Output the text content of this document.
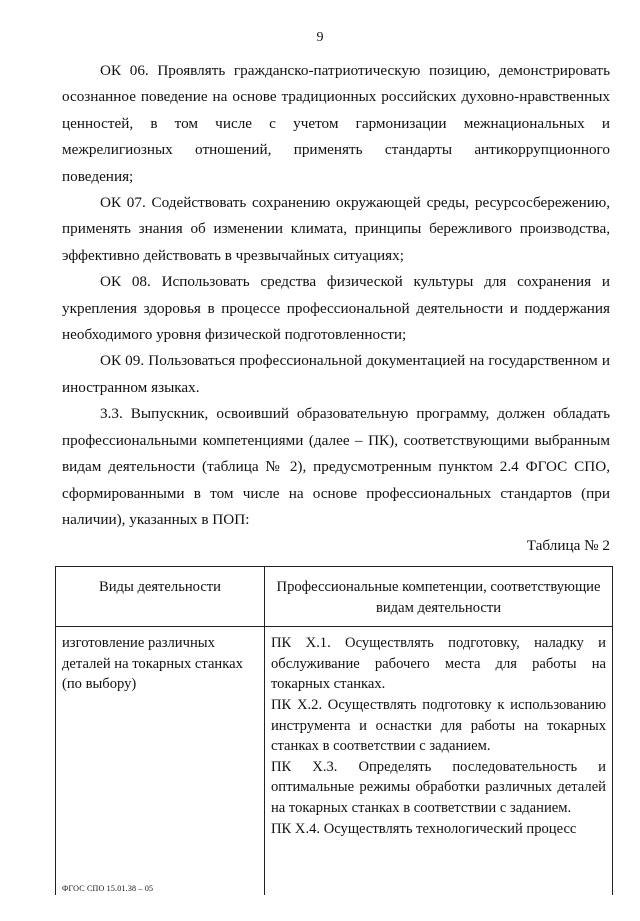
9

ОК 06. Проявлять гражданско-патриотическую позицию, демонстрировать осознанное поведение на основе традиционных российских духовно-нравственных ценностей, в том числе с учетом гармонизации межнациональных и межрелигиозных отношений, применять стандарты антикоррупционного поведения;

ОК 07. Содействовать сохранению окружающей среды, ресурсосбережению, применять знания об изменении климата, принципы бережливого производства, эффективно действовать в чрезвычайных ситуациях;

ОК 08. Использовать средства физической культуры для сохранения и укрепления здоровья в процессе профессиональной деятельности и поддержания необходимого уровня физической подготовленности;

ОК 09. Пользоваться профессиональной документацией на государственном и иностранном языках.

3.3. Выпускник, освоивший образовательную программу, должен обладать профессиональными компетенциями (далее – ПК), соответствующими выбранным видам деятельности (таблица № 2), предусмотренным пунктом 2.4 ФГОС СПО, сформированными в том числе на основе профессиональных стандартов (при наличии), указанных в ПОП:

Таблица № 2
Виды деятельности	Профессиональные компетенции, соответствующие видам деятельности
изготовление различных деталей на токарных станках (по выбору)	ПК Х.1. Осуществлять подготовку, наладку и обслуживание рабочего места для работы на токарных станках.
ПК Х.2. Осуществлять подготовку к использованию инструмента и оснастки для работы на токарных станках в соответствии с заданием.
ПК Х.3. Определять последовательность и оптимальные режимы обработки различных деталей на токарных станках в соответствии с заданием.
ПК Х.4. Осуществлять технологический процесс
ФГОС СПО 15.01.38 – 05
